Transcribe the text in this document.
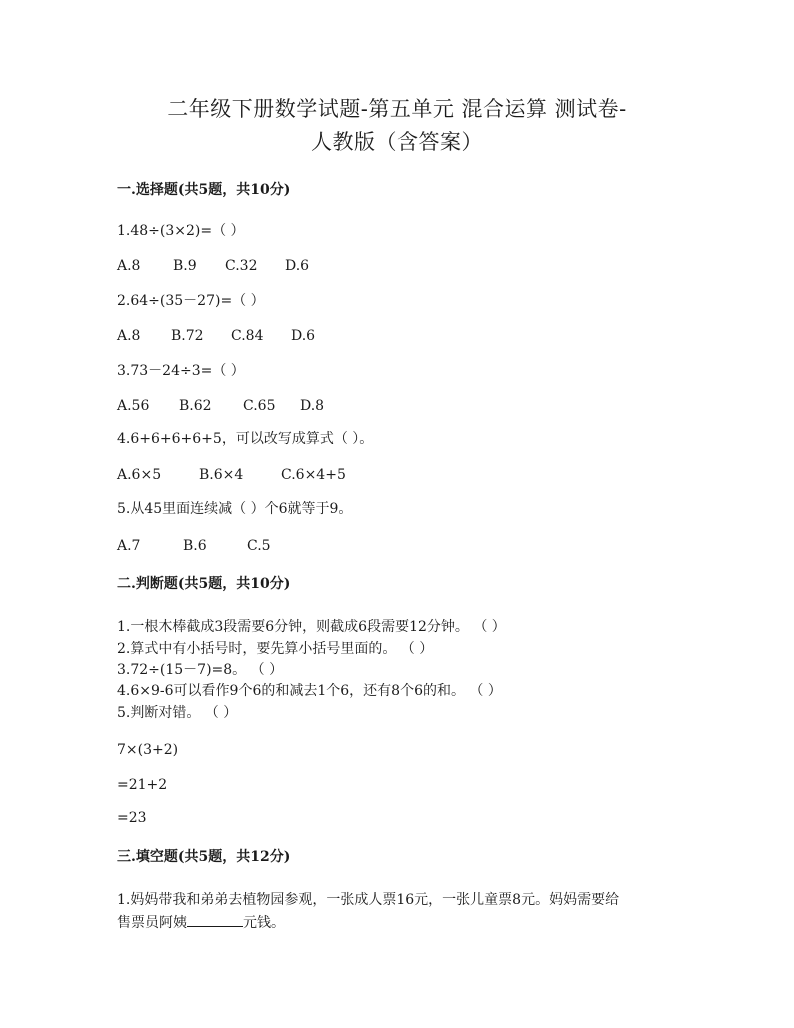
二年级下册数学试题-第五单元 混合运算 测试卷-
人教版（含答案）
一.选择题(共5题，共10分)
1.48÷(3×2)=（ ）
A.8 B.9 C.32 D.6
2.64÷(35－27)=（ ）
A.8 B.72 C.84 D.6
3.73－24÷3=（ ）
A.56 B.62 C.65 D.8
4.6+6+6+6+5，可以改写成算式（ ）。
A.6×5	B.6×4	C.6×4+5
5.从45里面连续减（ ）个6就等于9。
A.7	B.6	C.5
二.判断题(共5题，共10分)
1.一根木棒截成3段需要6分钟，则截成6段需要12分钟。 （ ）
2.算式中有小括号时，要先算小括号里面的。 （ ）
3.72÷(15－7)=8。 （ ）
4.6×9-6可以看作9个6的和减去1个6，还有8个6的和。 （ ）
5.判断对错。 （ ）
7×(3+2)
=21+2
=23
三.填空题(共5题，共12分)
1.妈妈带我和弟弟去植物园参观，一张成人票16元，一张儿童票8元。妈妈需要给
售票员阿姨	元钱。
